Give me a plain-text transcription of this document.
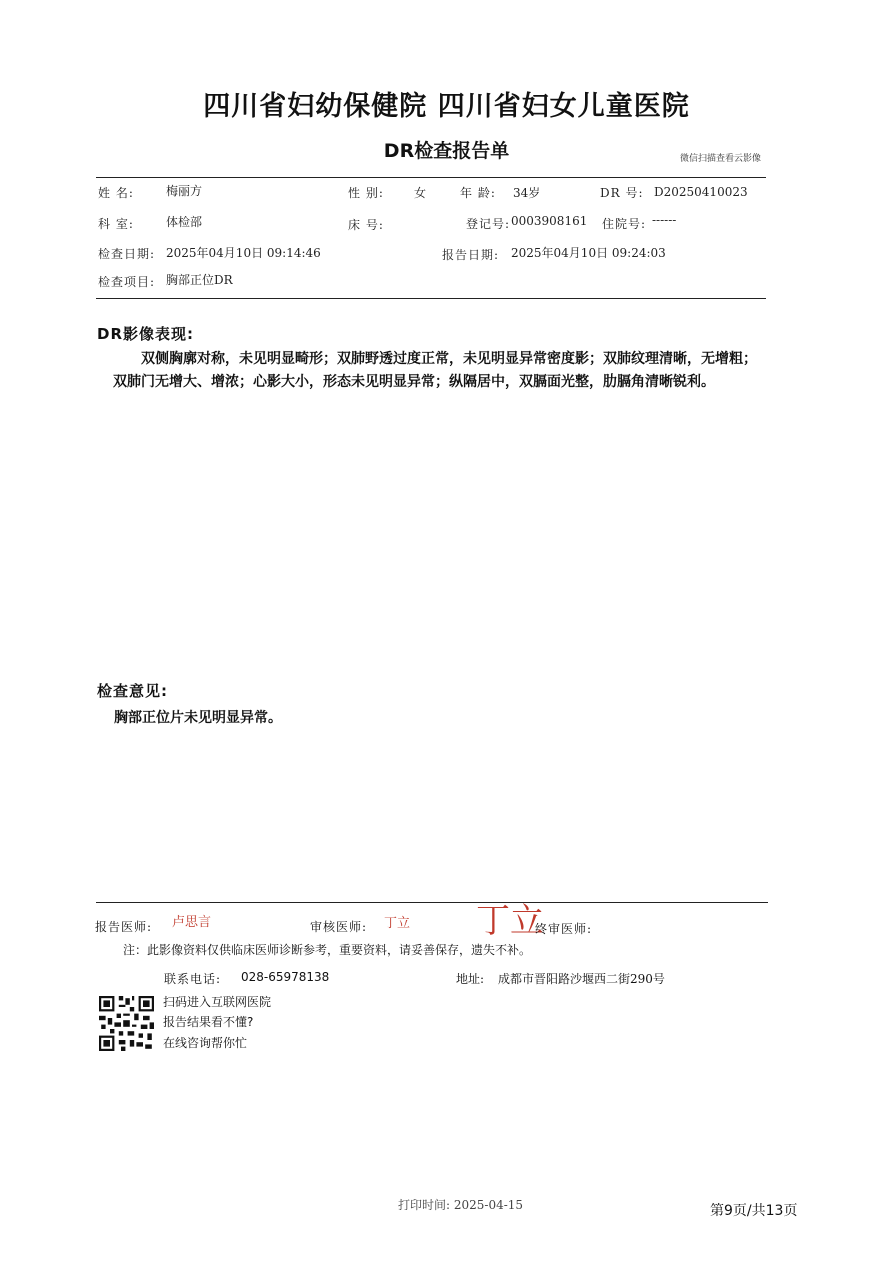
四川省妇幼保健院 四川省妇女儿童医院
DR检查报告单	微信扫描查看云影像
姓 名:	梅丽方	性 别:	女	年 龄: 34岁	DR 号: D20250410023
科 室:	体检部	床 号:	登记号: 0003908161 住院号: ------
检查日期: 2025年04月10日 09:14:46	报告日期: 2025年04月10日 09:24:03
检查项目: 胸部正位DR
DR影像表现:
双侧胸廓对称，未见明显畸形；双肺野透过度正常，未见明显异常密度影；双肺纹理清晰，无增粗；双肺门无增大、增浓；心影大小，形态未见明显异常；纵隔居中，双膈面光整，肋膈角清晰锐利。
检查意见:
胸部正位片未见明显异常。
报告医师: 卢思言	审核医师: 丁立 丁立
终审医师:
注：此影像资料仅供临床医师诊断参考，重要资料，请妥善保存，遗失不补。
联系电话: 028-65978138	地址: 成都市晋阳路沙堰西二街290号
扫码进入互联网医院
报告结果看不懂?
在线咨询帮你忙
打印时间: 2025-04-15	第9页/共13页
